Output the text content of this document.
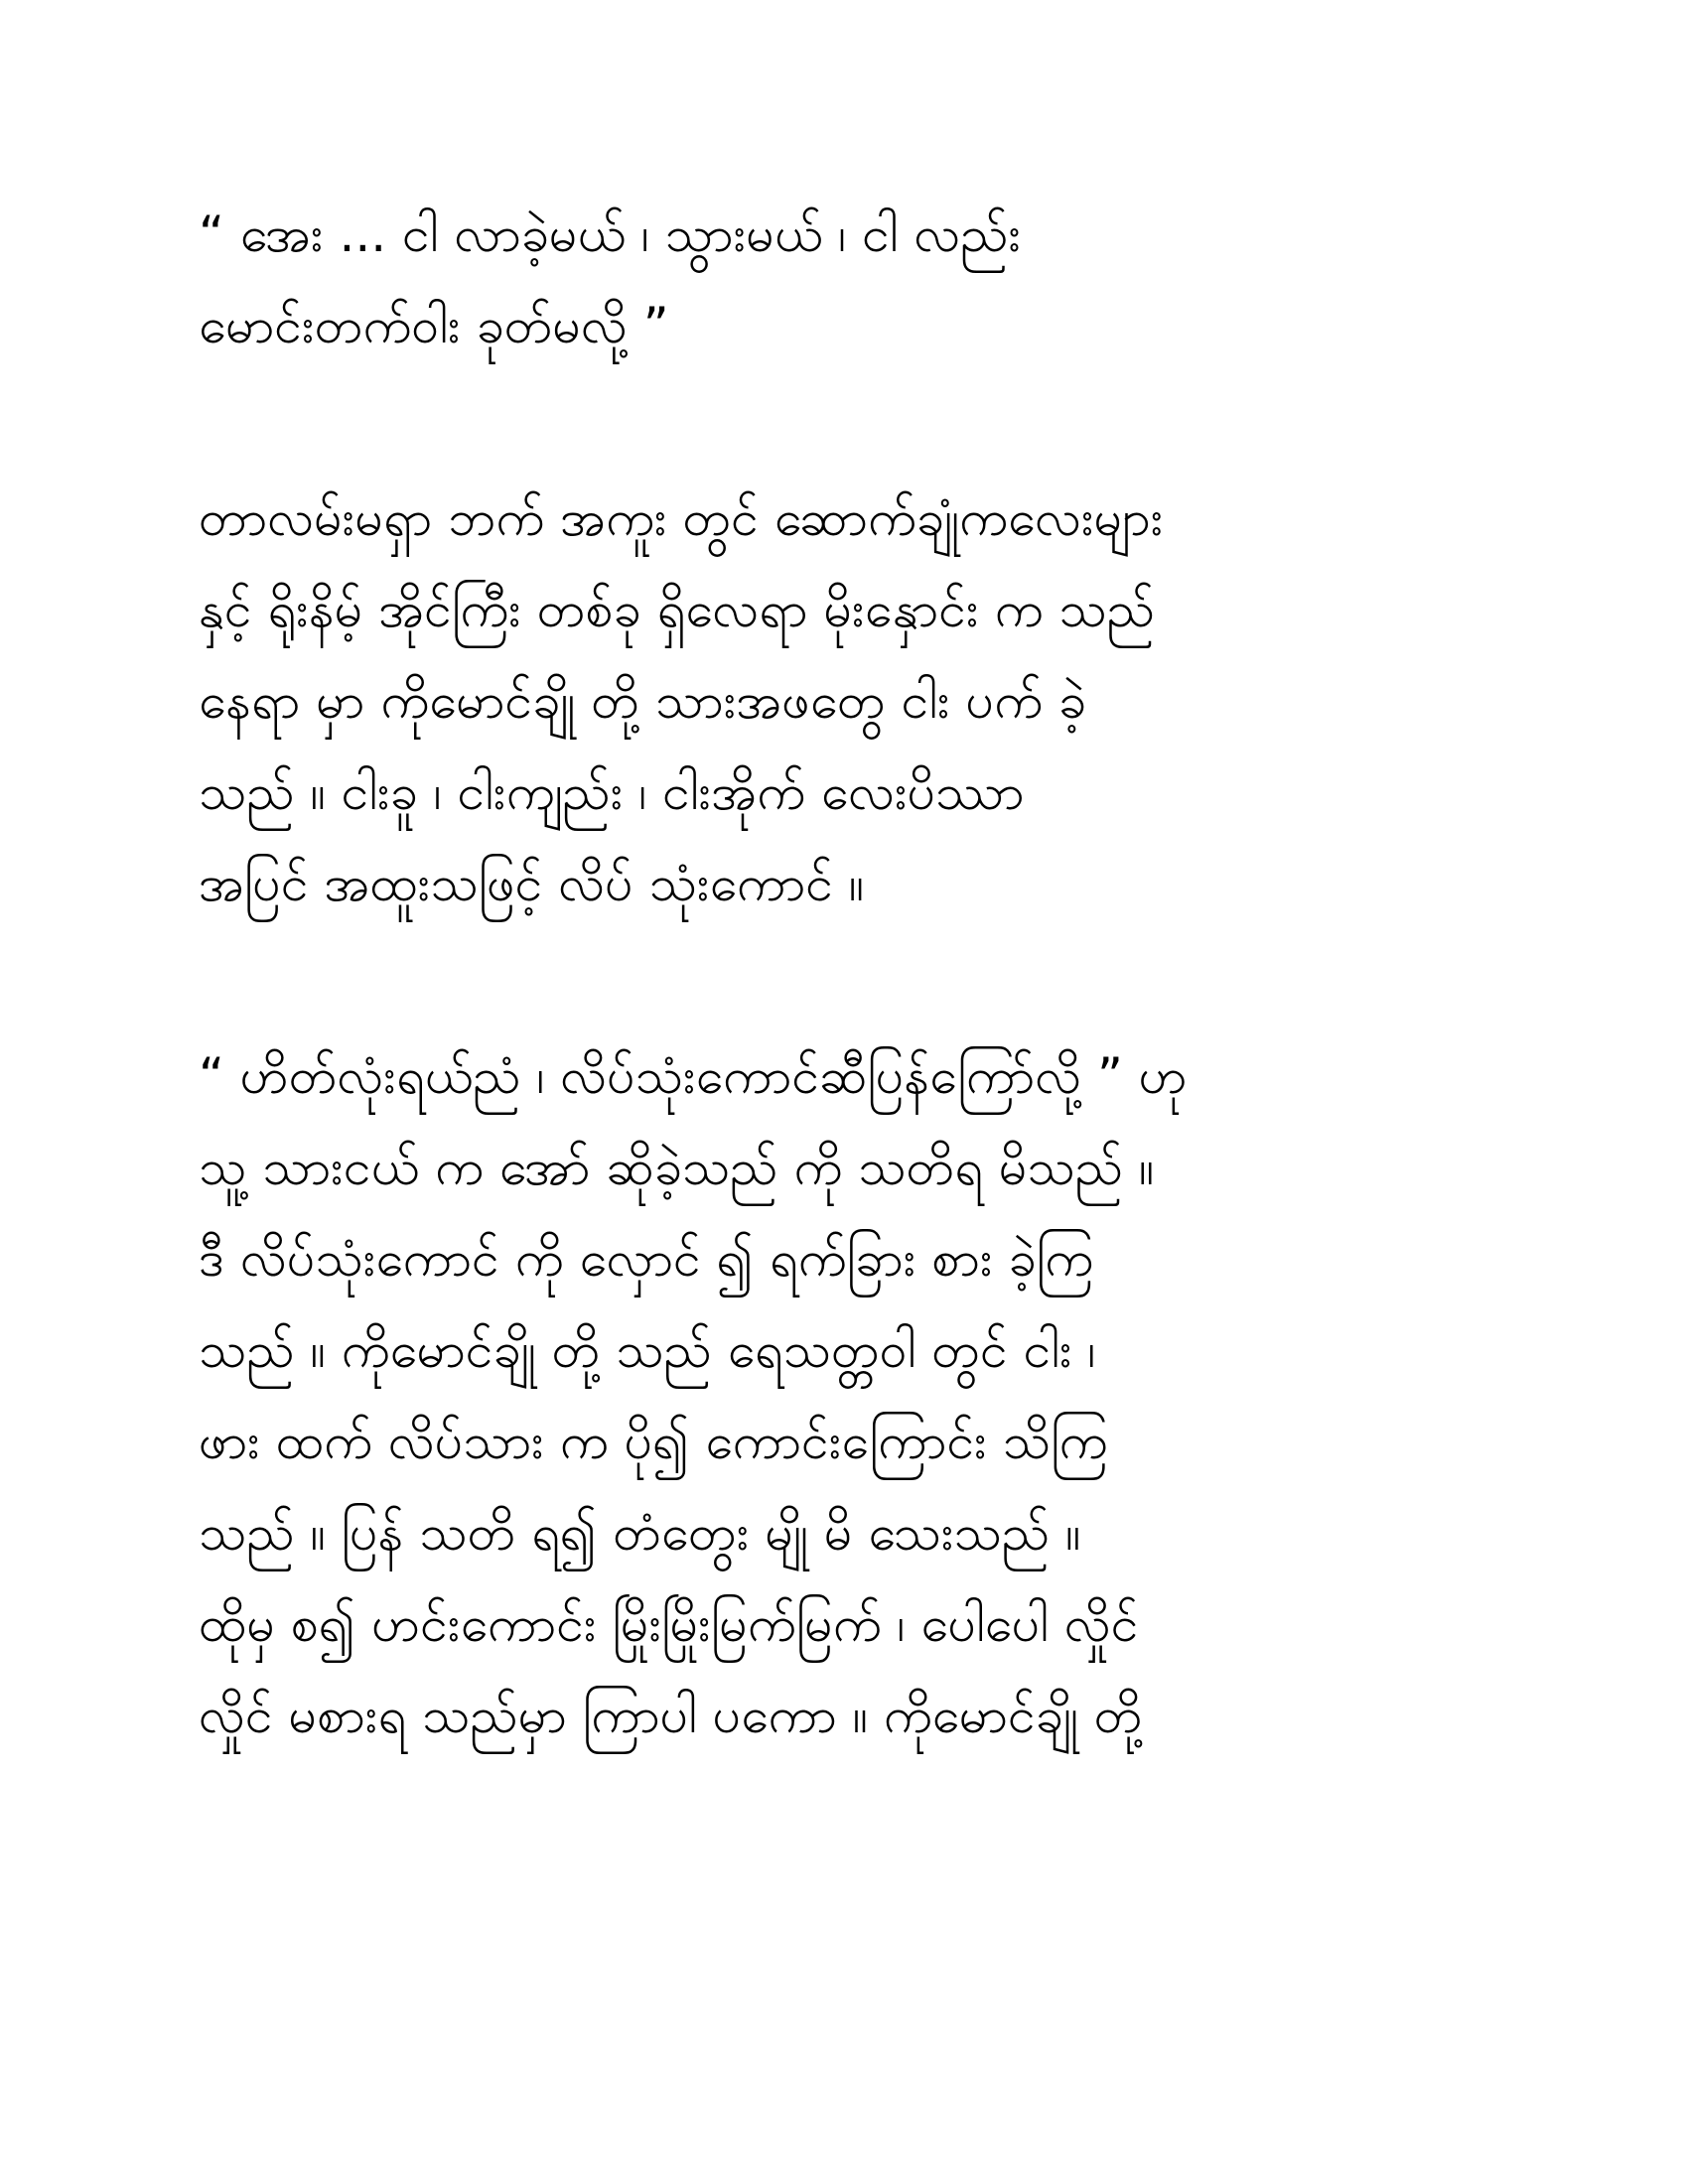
“ အေး ... ငါ လာခဲ့မယ် ၊ သွားမယ် ၊ ငါ လည်း
မောင်းတက်ဝါး ခုတ်မလို့ ”
တာလမ်းမရှာ ဘက် အကူး တွင် ဆောက်ချုံကလေးများ
နှင့် ရိုးနိမ့် အိုင်ကြီး တစ်ခု ရှိလေရာ မိုးနှောင်း က သည်
နေရာ မှာ ကိုမောင်ချို တို့ သားအဖတွေ ငါး ပက် ခဲ့
သည် ။ ငါးခူ ၊ ငါးကျည်း ၊ ငါးအိုက် လေးပိဿာ
အပြင် အထူးသဖြင့် လိပ် သုံးကောင် ။
“ ဟိတ်လုံးရယ်ညံ ၊ လိပ်သုံးကောင်ဆီပြန်ကြော်လို့ ” ဟု
သူ့ သားငယ် က အော် ဆိုခဲ့သည် ကို သတိရ မိသည် ။
ဒီ လိပ်သုံးကောင် ကို လှောင် ၍ ရက်ခြား စား ခဲ့ကြ
သည် ။ ကိုမောင်ချို တို့ သည် ရေသတ္တဝါ တွင် ငါး ၊
ဖား ထက် လိပ်သား က ပို၍ ကောင်းကြောင်း သိကြ
သည် ။ ပြန် သတိ ရ၍ တံတွေး မျို မိ သေးသည် ။
ထိုမှ စ၍ ဟင်းကောင်း မြိုးမြိုးမြက်မြက် ၊ ပေါပေါ လှိုင်
လှိုင် မစားရ သည်မှာ ကြာပါ ပကော ။ ကိုမောင်ချို တို့
